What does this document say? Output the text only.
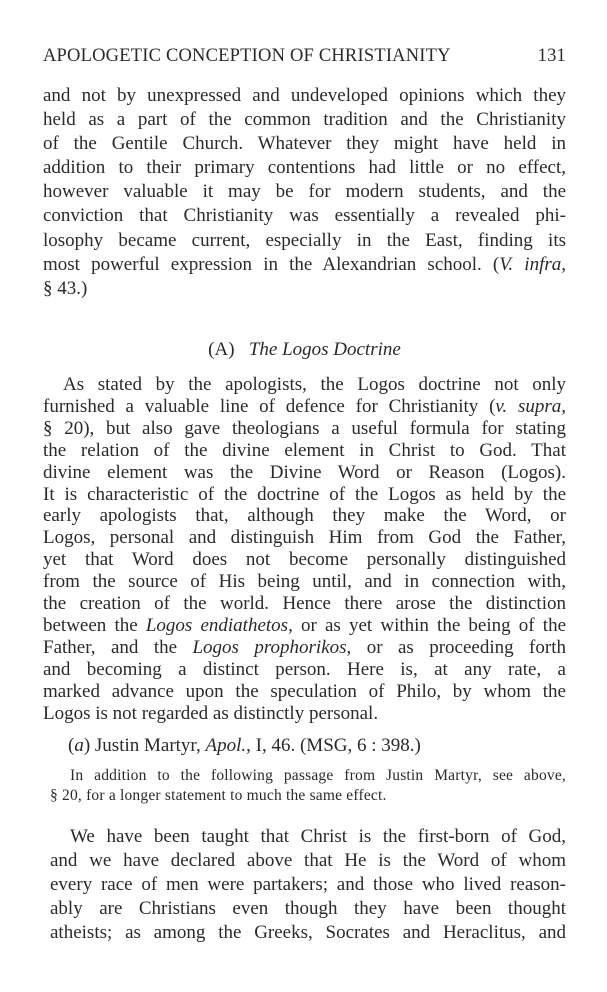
APOLOGETIC CONCEPTION OF CHRISTIANITY	131
and not by unexpressed and undeveloped opinions which they
held as a part of the common tradition and the Christianity
of the Gentile Church. Whatever they might have held in
addition to their primary contentions had little or no effect,
however valuable it may be for modern students, and the
conviction that Christianity was essentially a revealed phi-
losophy became current, especially in the East, finding its
most powerful expression in the Alexandrian school. (V. infra,
§ 43.)
(A) The Logos Doctrine
As stated by the apologists, the Logos doctrine not only
furnished a valuable line of defence for Christianity (v. supra,
§ 20), but also gave theologians a useful formula for stating
the relation of the divine element in Christ to God. That
divine element was the Divine Word or Reason (Logos).
It is characteristic of the doctrine of the Logos as held by the
early apologists that, although they make the Word, or
Logos, personal and distinguish Him from God the Father,
yet that Word does not become personally distinguished
from the source of His being until, and in connection with,
the creation of the world. Hence there arose the distinction
between the Logos endiathetos, or as yet within the being of the
Father, and the Logos prophorikos, or as proceeding forth
and becoming a distinct person. Here is, at any rate, a
marked advance upon the speculation of Philo, by whom the
Logos is not regarded as distinctly personal.
(a) Justin Martyr, Apol., I, 46. (MSG, 6 : 398.)
In addition to the following passage from Justin Martyr, see above,
§ 20, for a longer statement to much the same effect.
We have been taught that Christ is the first-born of God,
and we have declared above that He is the Word of whom
every race of men were partakers; and those who lived reason-
ably are Christians even though they have been thought
atheists; as among the Greeks, Socrates and Heraclitus, and
